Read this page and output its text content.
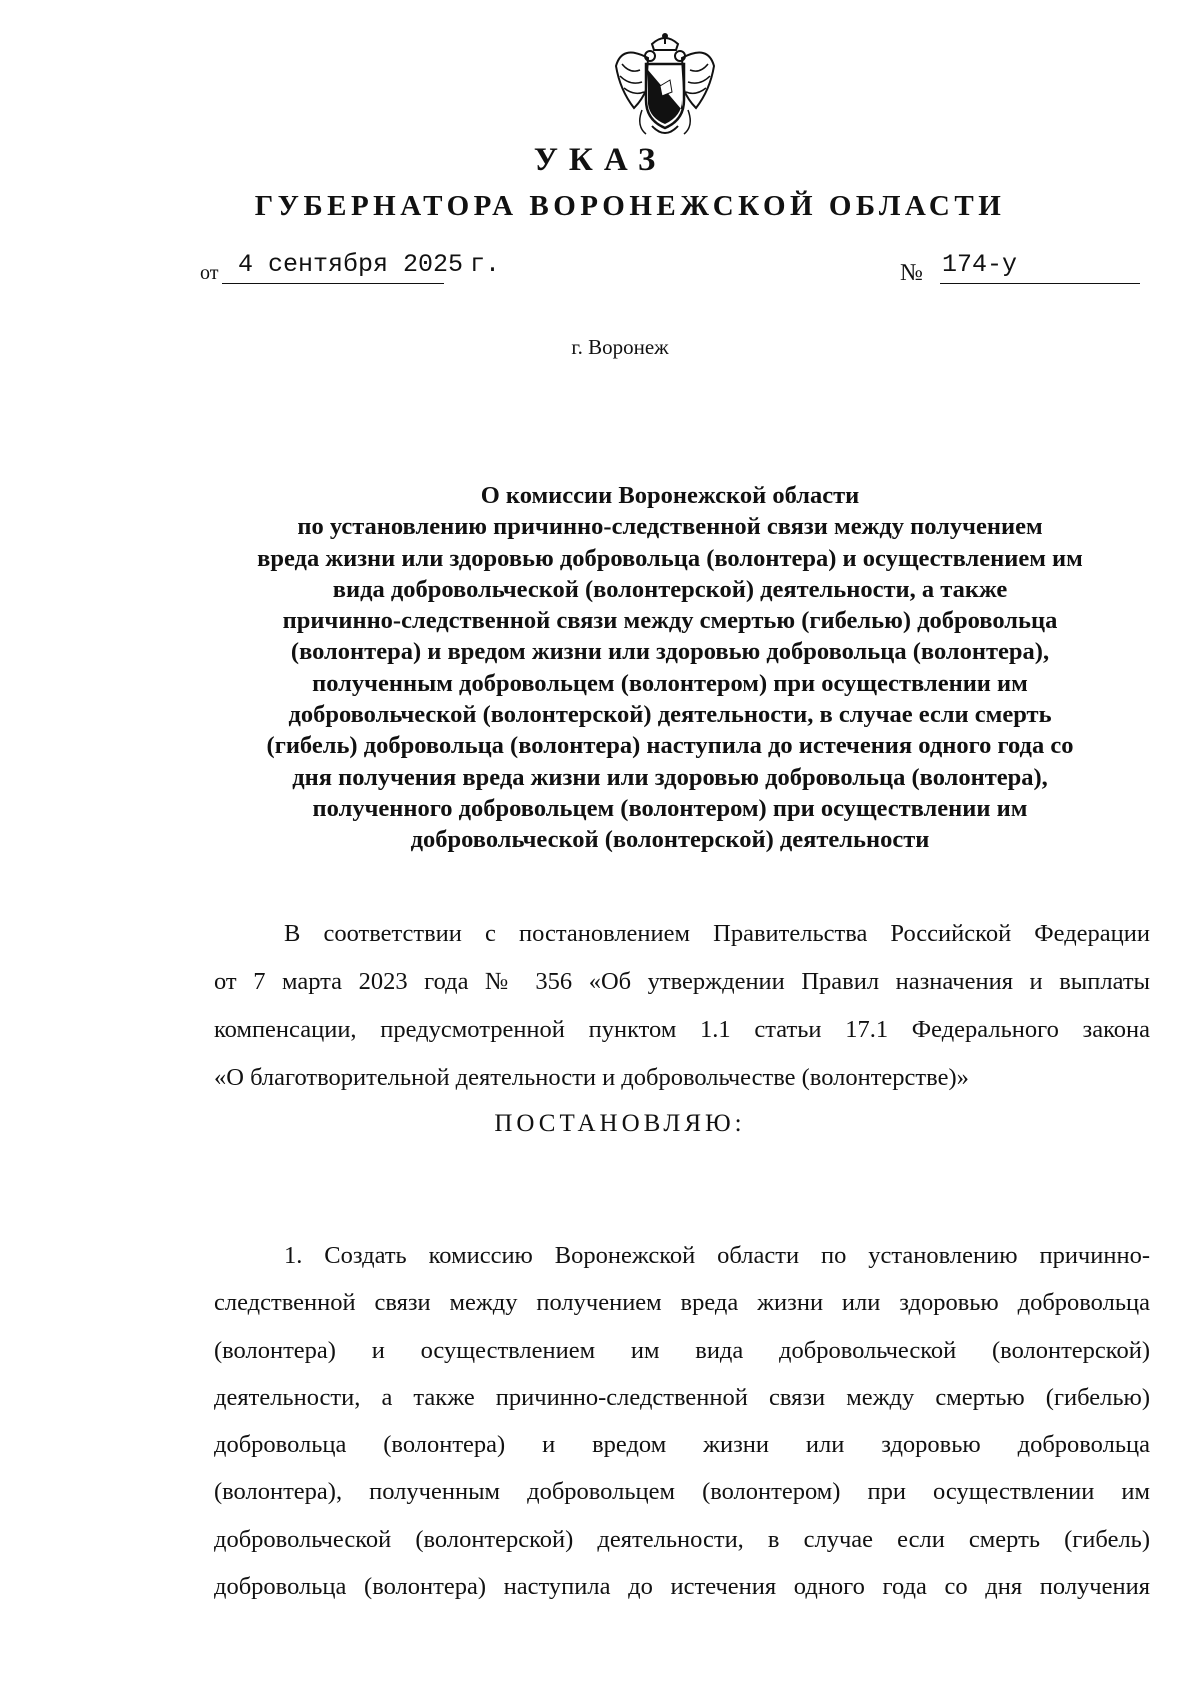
УКАЗ
ГУБЕРНАТОРА ВОРОНЕЖСКОЙ ОБЛАСТИ
от 4 сентября 2025 г.	№ 174-у
г. Воронеж
О комиссии Воронежской области
по установлению причинно-следственной связи между получением
вреда жизни или здоровью добровольца (волонтера) и осуществлением им
вида добровольческой (волонтерской) деятельности, а также
причинно-следственной связи между смертью (гибелью) добровольца
(волонтера) и вредом жизни или здоровью добровольца (волонтера),
полученным добровольцем (волонтером) при осуществлении им
добровольческой (волонтерской) деятельности, в случае если смерть
(гибель) добровольца (волонтера) наступила до истечения одного года со
дня получения вреда жизни или здоровью добровольца (волонтера),
полученного добровольцем (волонтером) при осуществлении им
добровольческой (волонтерской) деятельности
В соответствии с постановлением Правительства Российской Федерации
от 7 марта 2023 года № 356 «Об утверждении Правил назначения и выплаты
компенсации, предусмотренной пунктом 1.1 статьи 17.1 Федерального закона
«О благотворительной деятельности и добровольчестве (волонтерстве)»
ПОСТАНОВЛЯЮ:
1. Создать комиссию Воронежской области по установлению причинно-
следственной связи между получением вреда жизни или здоровью добровольца
(волонтера) и осуществлением им вида добровольческой (волонтерской)
деятельности, а также причинно-следственной связи между смертью (гибелью)
добровольца (волонтера) и вредом жизни или здоровью добровольца
(волонтера), полученным добровольцем (волонтером) при осуществлении им
добровольческой (волонтерской) деятельности, в случае если смерть (гибель)
добровольца (волонтера) наступила до истечения одного года со дня получения
